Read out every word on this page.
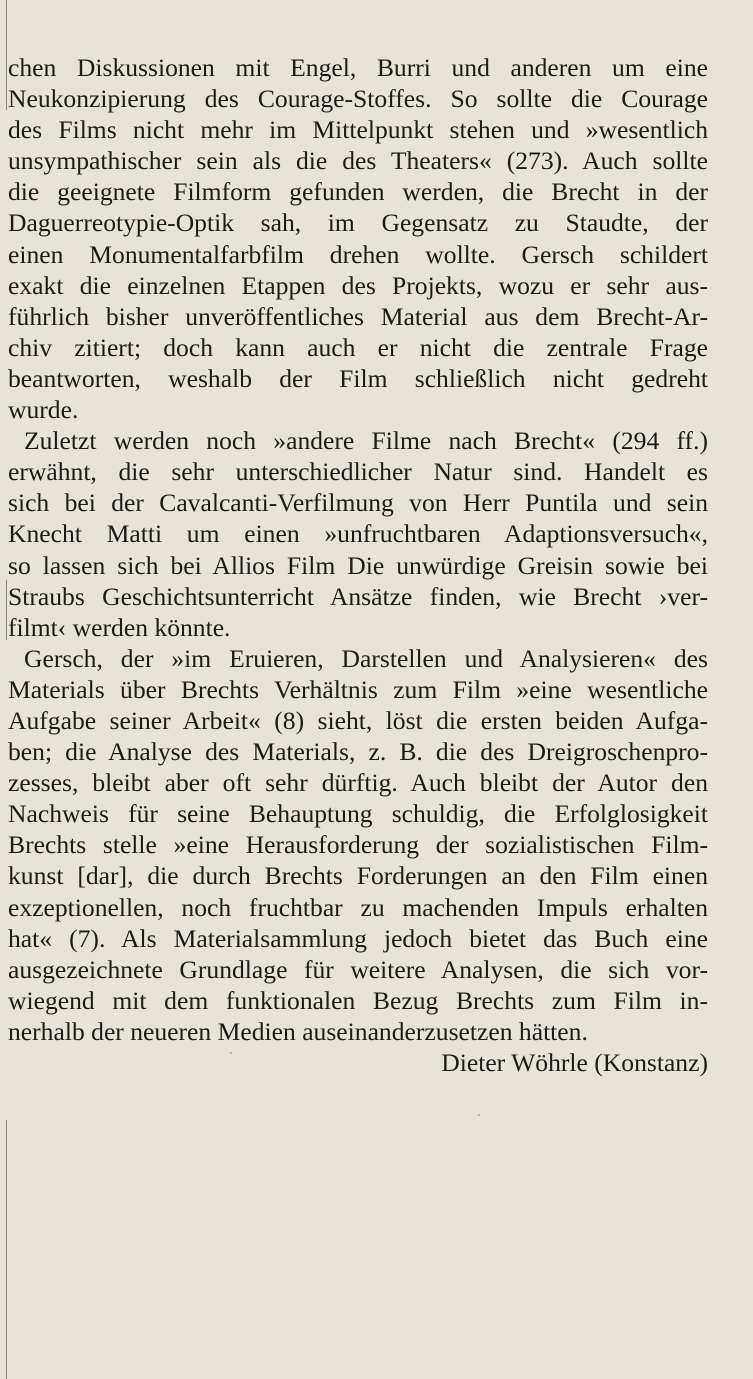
chen Diskussionen mit Engel, Burri und anderen um eine
Neukonzipierung des Courage-Stoffes. So sollte die Courage
des Films nicht mehr im Mittelpunkt stehen und »wesentlich
unsympathischer sein als die des Theaters« (273). Auch sollte
die geeignete Filmform gefunden werden, die Brecht in der
Daguerreotypie-Optik sah, im Gegensatz zu Staudte, der
einen Monumentalfarbfilm drehen wollte. Gersch schildert
exakt die einzelnen Etappen des Projekts, wozu er sehr aus-
führlich bisher unveröffentliches Material aus dem Brecht-Ar-
chiv zitiert; doch kann auch er nicht die zentrale Frage
beantworten, weshalb der Film schließlich nicht gedreht
wurde.
Zuletzt werden noch »andere Filme nach Brecht« (294 ff.)
erwähnt, die sehr unterschiedlicher Natur sind. Handelt es
sich bei der Cavalcanti-Verfilmung von Herr Puntila und sein
Knecht Matti um einen »unfruchtbaren Adaptionsversuch«,
so lassen sich bei Allios Film Die unwürdige Greisin sowie bei
Straubs Geschichtsunterricht Ansätze finden, wie Brecht ›ver-
filmt‹ werden könnte.
Gersch, der »im Eruieren, Darstellen und Analysieren« des
Materials über Brechts Verhältnis zum Film »eine wesentliche
Aufgabe seiner Arbeit« (8) sieht, löst die ersten beiden Aufga-
ben; die Analyse des Materials, z. B. die des Dreigroschenpro-
zesses, bleibt aber oft sehr dürftig. Auch bleibt der Autor den
Nachweis für seine Behauptung schuldig, die Erfolglosigkeit
Brechts stelle »eine Herausforderung der sozialistischen Film-
kunst [dar], die durch Brechts Forderungen an den Film einen
exzeptionellen, noch fruchtbar zu machenden Impuls erhalten
hat« (7). Als Materialsammlung jedoch bietet das Buch eine
ausgezeichnete Grundlage für weitere Analysen, die sich vor-
wiegend mit dem funktionalen Bezug Brechts zum Film in-
nerhalb der neueren Medien auseinanderzusetzen hätten.
Dieter Wöhrle (Konstanz)
